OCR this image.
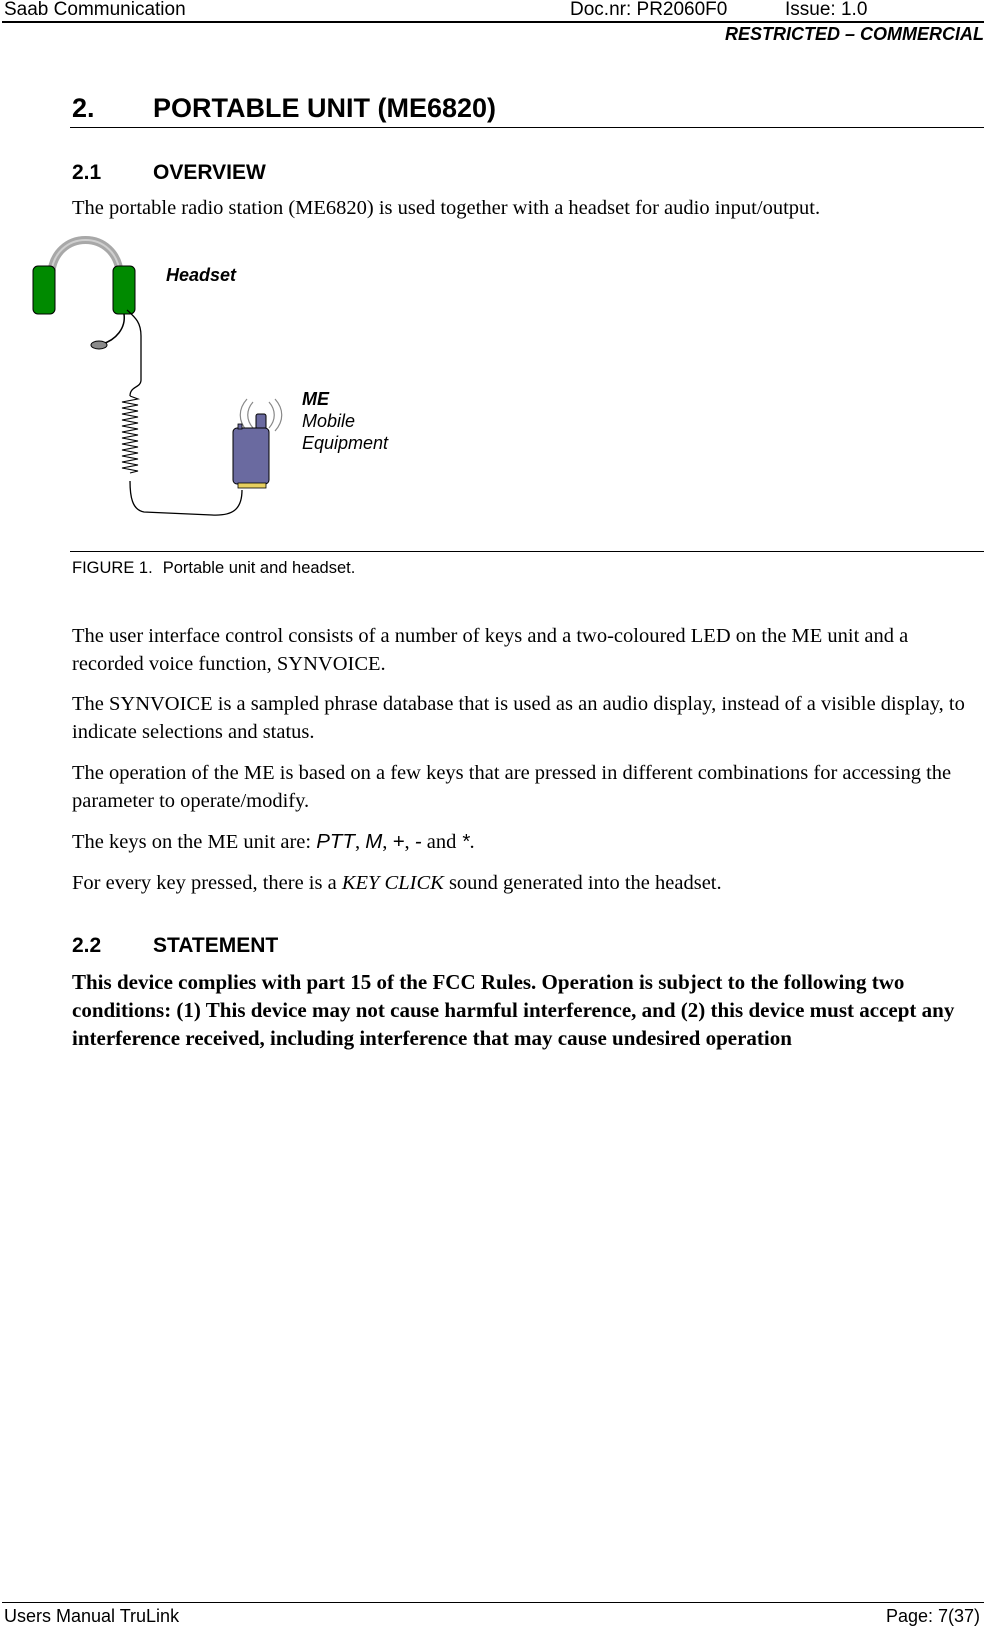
Saab Communication	Doc.nr: PR2060F0	Issue: 1.0
RESTRICTED – COMMERCIAL
2. PORTABLE UNIT (ME6820)
2.1 OVERVIEW
The portable radio station (ME6820) is used together with a headset for audio input/output.
Headset
ME
Mobile
Equipment
FIGURE 1. Portable unit and headset.
The user interface control consists of a number of keys and a two-coloured LED on the ME unit and a recorded voice function, SYNVOICE.
The SYNVOICE is a sampled phrase database that is used as an audio display, instead of a visible display, to indicate selections and status.
The operation of the ME is based on a few keys that are pressed in different combinations for accessing the parameter to operate/modify.
The keys on the ME unit are: PTT, M, +, - and *.
For every key pressed, there is a KEY CLICK sound generated into the headset.
2.2 STATEMENT
This device complies with part 15 of the FCC Rules. Operation is subject to the following two conditions: (1) This device may not cause harmful interference, and (2) this device must accept any interference received, including interference that may cause undesired operation
Users Manual TruLink	Page: 7(37)
